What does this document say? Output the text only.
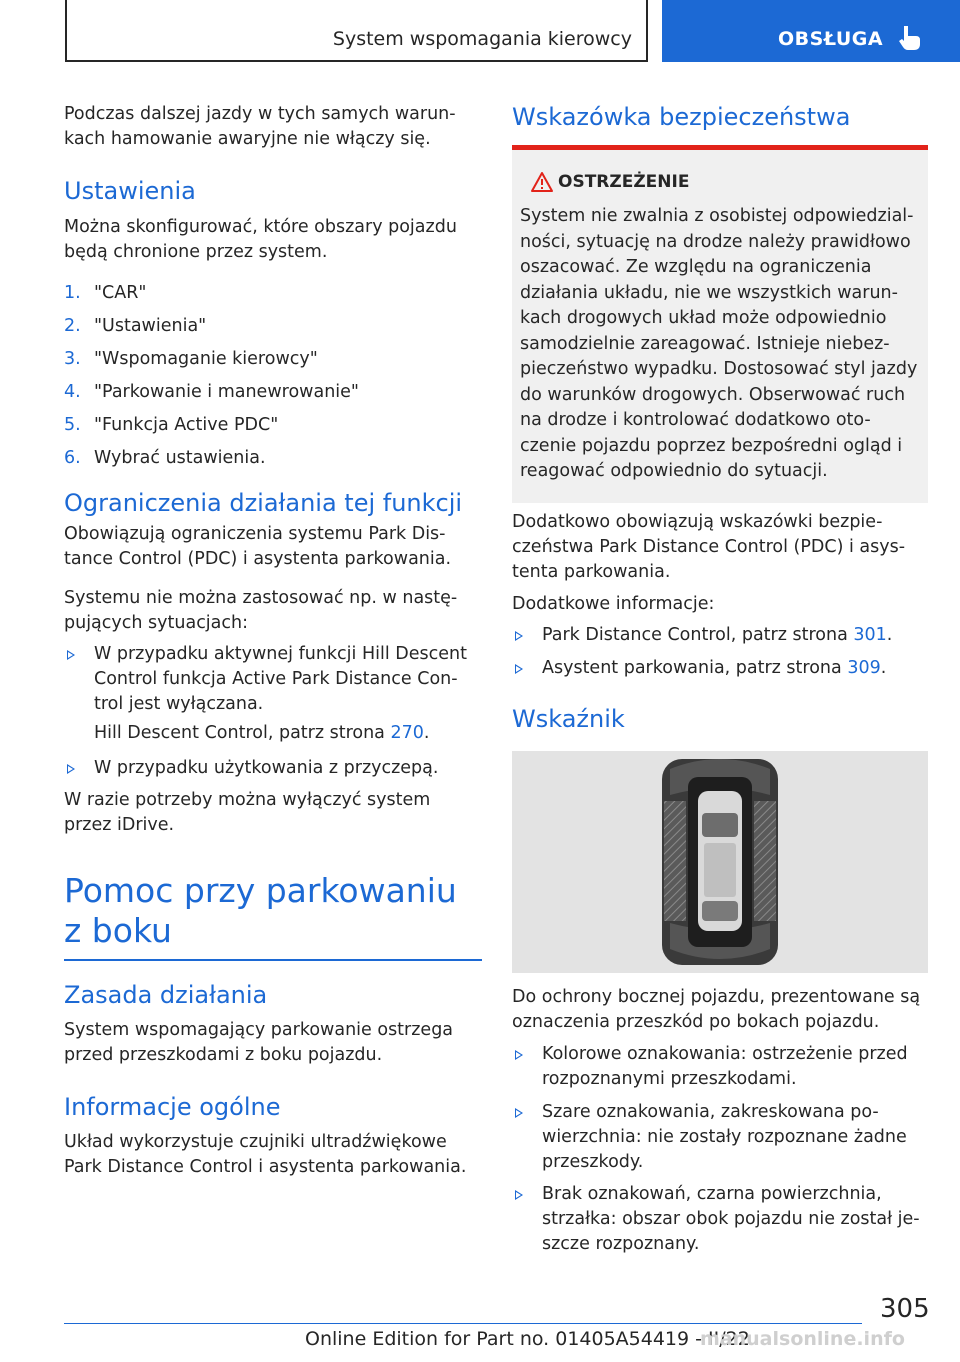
System wspomagania kierowcy	OBSŁUGA

Podczas dalszej jazdy w tych samych warun-kach hamowanie awaryjne nie włączy się.

Ustawienia

Można skonfigurować, które obszary pojazdu będą chronione przez system.

1. "CAR"
2. "Ustawienia"
3. "Wspomaganie kierowcy"
4. "Parkowanie i manewrowanie"
5. "Funkcja Active PDC"
6. Wybrać ustawienia.
Ograniczenia działania tej funkcji

Obowiązują ograniczenia systemu Park Dis-tance Control (PDC) i asystenta parkowania.

Systemu nie można zastosować np. w nastę-pujących sytuacjach:

W przypadku aktywnej funkcji Hill Descent Control funkcja Active Park Distance Con-trol jest wyłączana.
Hill Descent Control, patrz strona 270.
W przypadku użytkowania z przyczepą.

W razie potrzeby można wyłączyć system przez iDrive.

Pomoc przy parkowaniu
z boku
Zasada działania

System wspomagający parkowanie ostrzega przed przeszkodami z boku pojazdu.

Informacje ogólne

Układ wykorzystuje czujniki ultradźwiękowe Park Distance Control i asystenta parkowania.

Wskazówka bezpieczeństwa
OSTRZEŻENIE

System nie zwalnia z osobistej odpowiedzial-ności, sytuację na drodze należy prawidłowo oszacować. Ze względu na ograniczenia działania układu, nie we wszystkich warun-kach drogowych układ może odpowiednio samodzielnie zareagować. Istnieje niebez-pieczeństwo wypadku. Dostosować styl jazdy do warunków drogowych. Obserwować ruch na drodze i kontrolować dodatkowo oto-czenie pojazdu poprzez bezpośredni ogląd i reagować odpowiednio do sytuacji.

Dodatkowo obowiązują wskazówki bezpie-czeństwa Park Distance Control (PDC) i asys-tenta parkowania.

Dodatkowe informacje:

Park Distance Control, patrz strona 301.
Asystent parkowania, patrz strona 309.
Wskaźnik

Do ochrony bocznej pojazdu, prezentowane są oznaczenia przeszkód po bokach pojazdu.

Kolorowe oznakowania: ostrzeżenie przed rozpoznanymi przeszkodami.
Szare oznakowania, zakreskowana po-wierzchnia: nie zostały rozpoznane żadne przeszkody.
Brak oznakowań, czarna powierzchnia, strzałka: obszar obok pojazdu nie został je-szcze rozpoznany.
305
Online Edition for Part no. 01405A54419 - II/22
manualsonline.info
